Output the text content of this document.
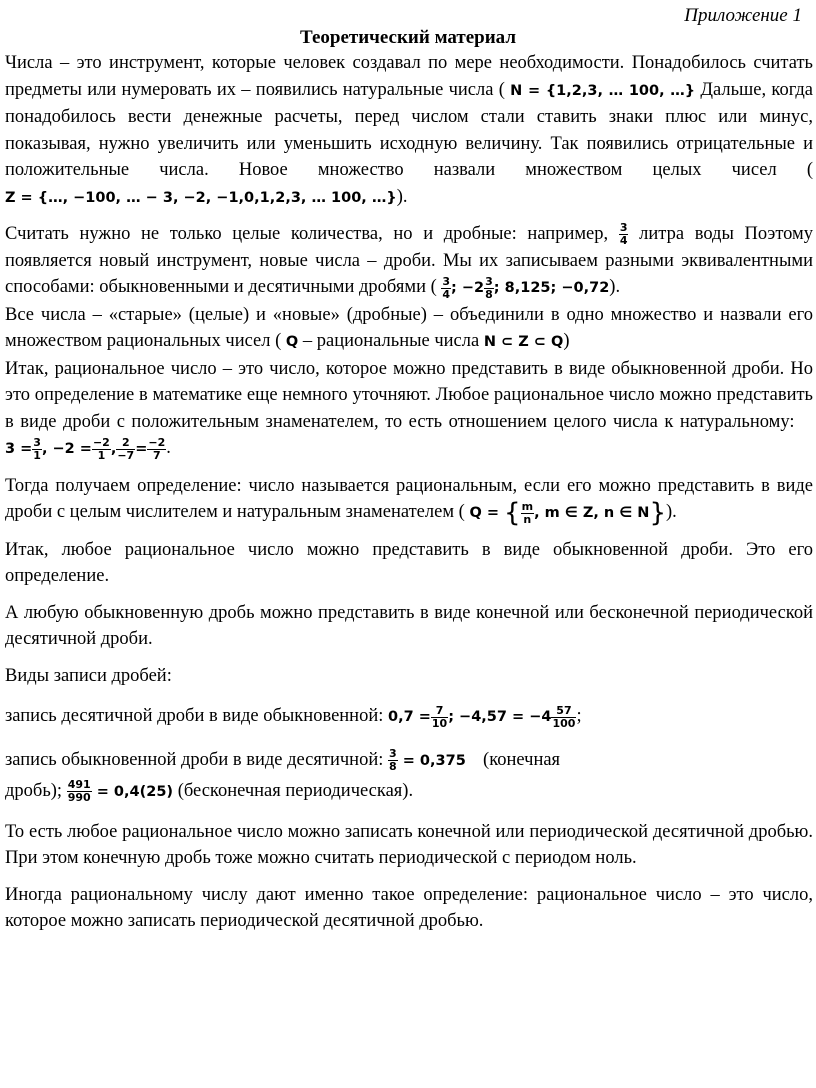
Приложение 1
Теоретический материал

Числа – это инструмент, которые человек создавал по мере необходимости. Понадобилось считать предметы или нумеровать их – появились натуральные числа ( N = {1,2,3, … 100, …} Дальше, когда понадобилось вести денежные расчеты, перед числом стали ставить знаки плюс или минус, показывая, нужно увеличить или уменьшить исходную величину. Так появились отрицательные и положительные числа. Новое множество назвали множеством целых чисел ( Z = {…, −100, … − 3, −2, −1,0,1,2,3, … 100, …}).

Считать нужно не только целые количества, но и дробные: например, $\frac{3}{4}$ литра воды Поэтому появляется новый инструмент, новые числа – дроби. Мы их записываем разными эквивалентными способами: обыкновенными и десятичными дробями ( $\frac{3}{4}$ ; $-2 \frac{3}{8}$ ; 8,125; −0,72).

Все числа – «старые» (целые) и «новые» (дробные) – объединили в одно множество и назвали его множеством рациональных чисел ( Q – рациональные числа N ⊂ Z ⊂ Q)

Итак, рациональное число – это число, которое можно представить в виде обыкновенной дроби. Но это определение в математике еще немного уточняют. Любое рациональное число можно представить в виде дроби с положительным знаменателем, то есть отношением целого числа к натуральному:  $3 = \frac{3}{1}$ , $-2 = \frac{-2}{1}$ , $\frac{2}{-7} = \frac{-2}{7}$ .

Тогда получаем определение: число называется рациональным, если его можно представить в виде дроби с целым числителем и натуральным знаменателем ( Q = { $\frac{m}{n}$ , m ∈ Z, n ∈ N}).

Итак, любое рациональное число можно представить в виде обыкновенной дроби. Это его определение.

А любую обыкновенную дробь можно представить в виде конечной или бесконечной периодической десятичной дроби.

Виды записи дробей:

запись десятичной дроби в виде обыкновенной: $0,7 = \frac{7}{10}$ ; $-4,57 = -4 \frac{57}{100}$ ;

запись обыкновенной дроби в виде десятичной: $\frac{3}{8} = 0,375$ (конечная
дробь); $\frac{491}{990} = 0,4(25)$ (бесконечная периодическая).

То есть любое рациональное число можно записать конечной или периодической десятичной дробью. При этом конечную дробь тоже можно считать периодической с периодом ноль.

Иногда рациональному числу дают именно такое определение: рациональное число – это число, которое можно записать периодической десятичной дробью.
